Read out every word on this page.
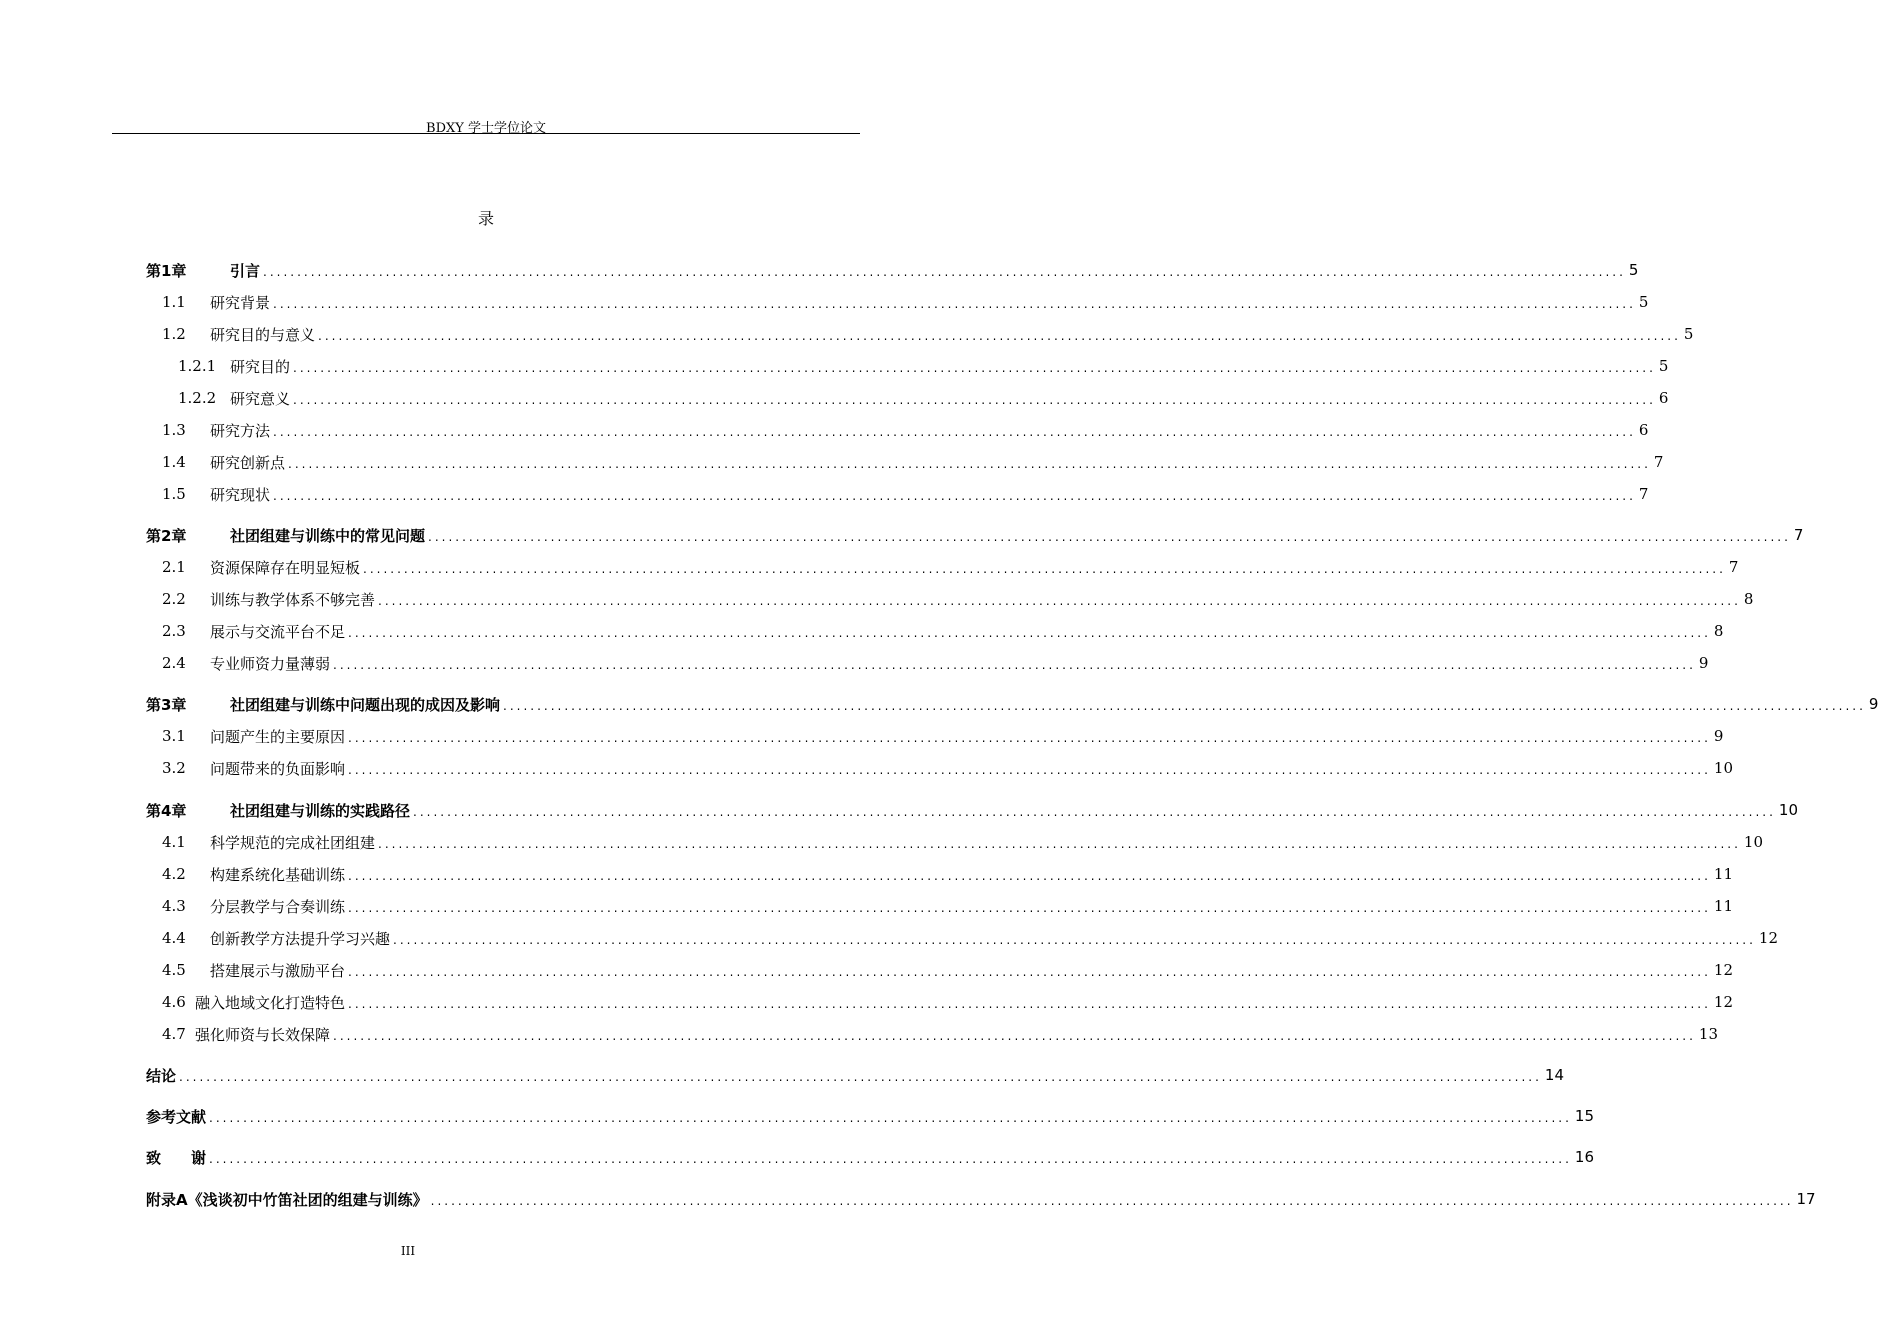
BDXY 学士学位论文
录
第1章	引言 ........................................................................................................................................................................................................ 5
1.1	研究背景 ........................................................................................................................................................................................................ 5
1.2	研究目的与意义 ........................................................................................................................................................................................................ 5
1.2.1 研究目的 ........................................................................................................................................................................................................ 5
1.2.2 研究意义 ........................................................................................................................................................................................................ 6
1.3	研究方法 ........................................................................................................................................................................................................ 6
1.4	研究创新点 ........................................................................................................................................................................................................ 7
1.5	研究现状 ........................................................................................................................................................................................................ 7
第2章	社团组建与训练中的常见问题 ........................................................................................................................................................................................................ 7
2.1	资源保障存在明显短板 ........................................................................................................................................................................................................ 7
2.2	训练与教学体系不够完善 ........................................................................................................................................................................................................ 8
2.3	展示与交流平台不足 ........................................................................................................................................................................................................ 8
2.4	专业师资力量薄弱 ........................................................................................................................................................................................................ 9
第3章	社团组建与训练中问题出现的成因及影响 ........................................................................................................................................................................................................ 9
3.1	问题产生的主要原因 ........................................................................................................................................................................................................ 9
3.2	问题带来的负面影响 ........................................................................................................................................................................................................ 10
第4章	社团组建与训练的实践路径 ........................................................................................................................................................................................................ 10
4.1	科学规范的完成社团组建 ........................................................................................................................................................................................................ 10
4.2	构建系统化基础训练 ........................................................................................................................................................................................................ 11
4.3	分层教学与合奏训练 ........................................................................................................................................................................................................ 11
4.4	创新教学方法提升学习兴趣 ........................................................................................................................................................................................................ 12
4.5	搭建展示与激励平台 ........................................................................................................................................................................................................ 12
4.6 融入地域文化打造特色 ........................................................................................................................................................................................................ 12
4.7 强化师资与长效保障 ........................................................................................................................................................................................................ 13
结论 ........................................................................................................................................................................................................ 14
参考文献 ........................................................................................................................................................................................................ 15
致　　谢 ........................................................................................................................................................................................................ 16
附录A《浅谈初中竹笛社团的组建与训练》 ........................................................................................................................................................................................................ 17
III
